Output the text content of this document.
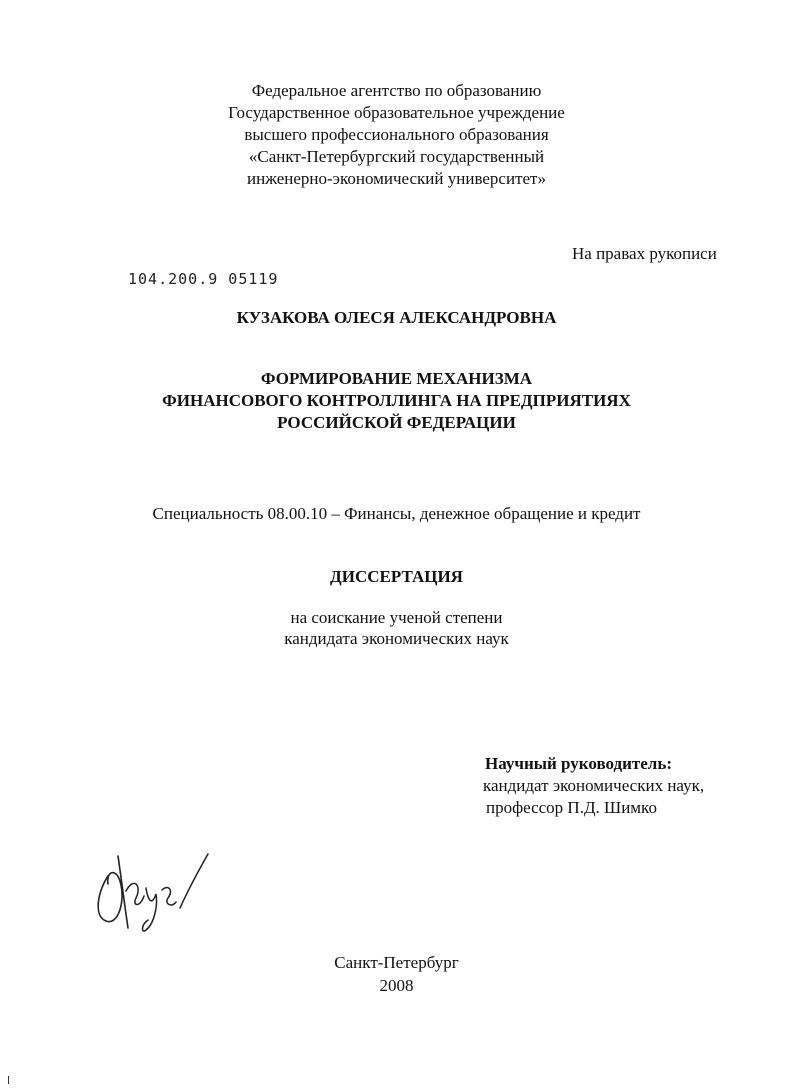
Федеральное агентство по образованию
Государственное образовательное учреждение
высшего профессионального образования
«Санкт-Петербургский государственный
инженерно-экономический университет»
На правах рукописи
104.200.9 05119
КУЗАКОВА ОЛЕСЯ АЛЕКСАНДРОВНА
ФОРМИРОВАНИЕ МЕХАНИЗМА
ФИНАНСОВОГО КОНТРОЛЛИНГА НА ПРЕДПРИЯТИЯХ
РОССИЙСКОЙ ФЕДЕРАЦИИ
Специальность 08.00.10 – Финансы, денежное обращение и кредит
ДИССЕРТАЦИЯ
на соискание ученой степени
кандидата экономических наук
Научный руководитель:
кандидат экономических наук,
профессор П.Д. Шимко
Санкт-Петербург
2008
